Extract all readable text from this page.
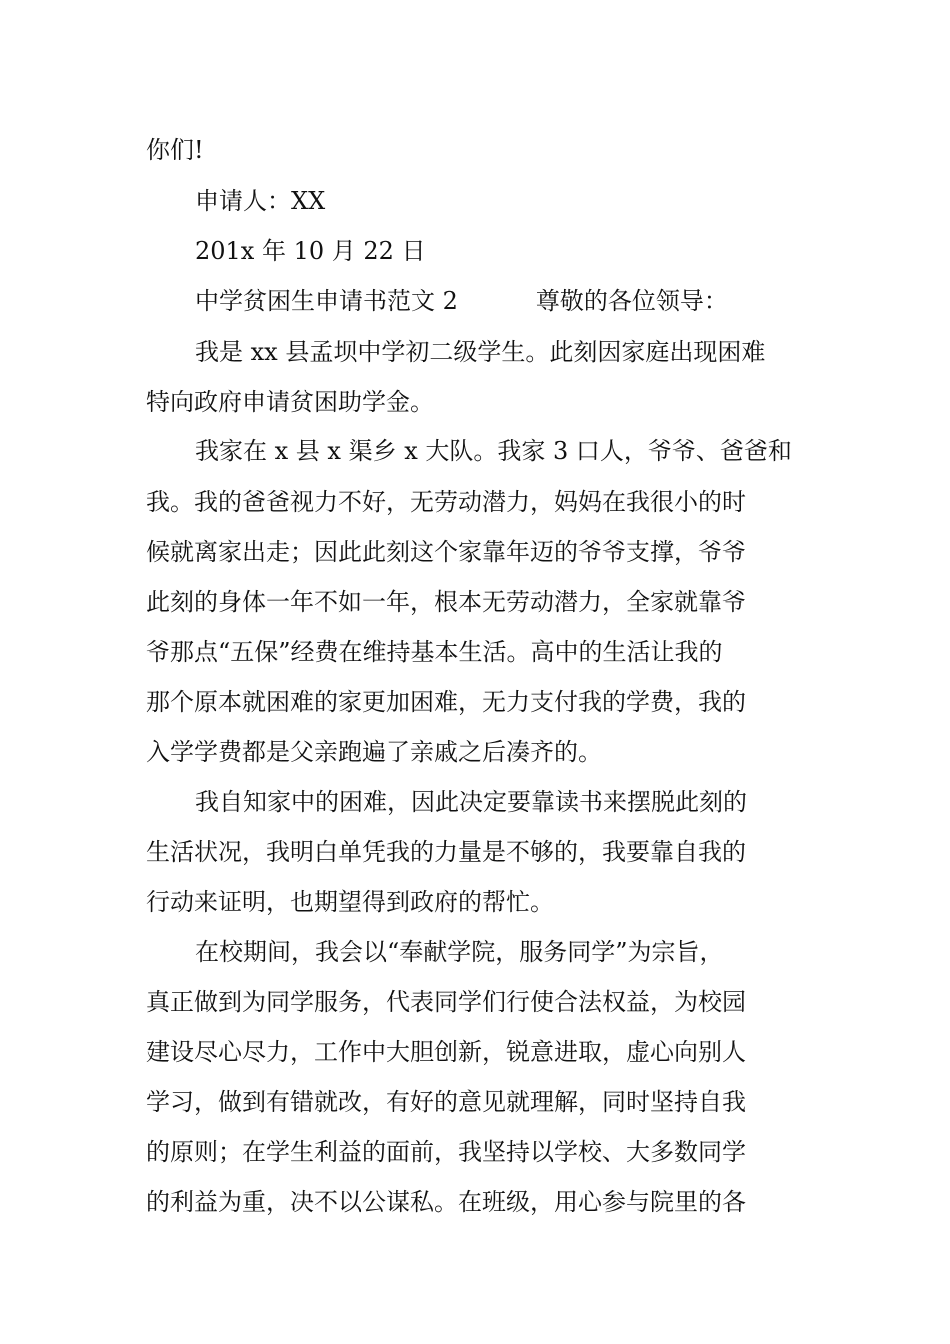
你们!
申请人：XX
201x 年 10 月 22 日
中学贫困生申请书范文 2	尊敬的各位领导：
我是 xx 县孟坝中学初二级学生。此刻因家庭出现困难
特向政府申请贫困助学金。
我家在 x 县 x 渠乡 x 大队。我家 3 口人，爷爷、爸爸和
我。我的爸爸视力不好，无劳动潜力，妈妈在我很小的时
候就离家出走；因此此刻这个家靠年迈的爷爷支撑，爷爷
此刻的身体一年不如一年，根本无劳动潜力，全家就靠爷
爷那点“五保”经费在维持基本生活。高中的生活让我的
那个原本就困难的家更加困难，无力支付我的学费，我的
入学学费都是父亲跑遍了亲戚之后凑齐的。
我自知家中的困难，因此决定要靠读书来摆脱此刻的
生活状况，我明白单凭我的力量是不够的，我要靠自我的
行动来证明，也期望得到政府的帮忙。
在校期间，我会以“奉献学院，服务同学”为宗旨，
真正做到为同学服务，代表同学们行使合法权益，为校园
建设尽心尽力，工作中大胆创新，锐意进取，虚心向别人
学习，做到有错就改，有好的意见就理解，同时坚持自我
的原则；在学生利益的面前，我坚持以学校、大多数同学
的利益为重，决不以公谋私。在班级，用心参与院里的各
